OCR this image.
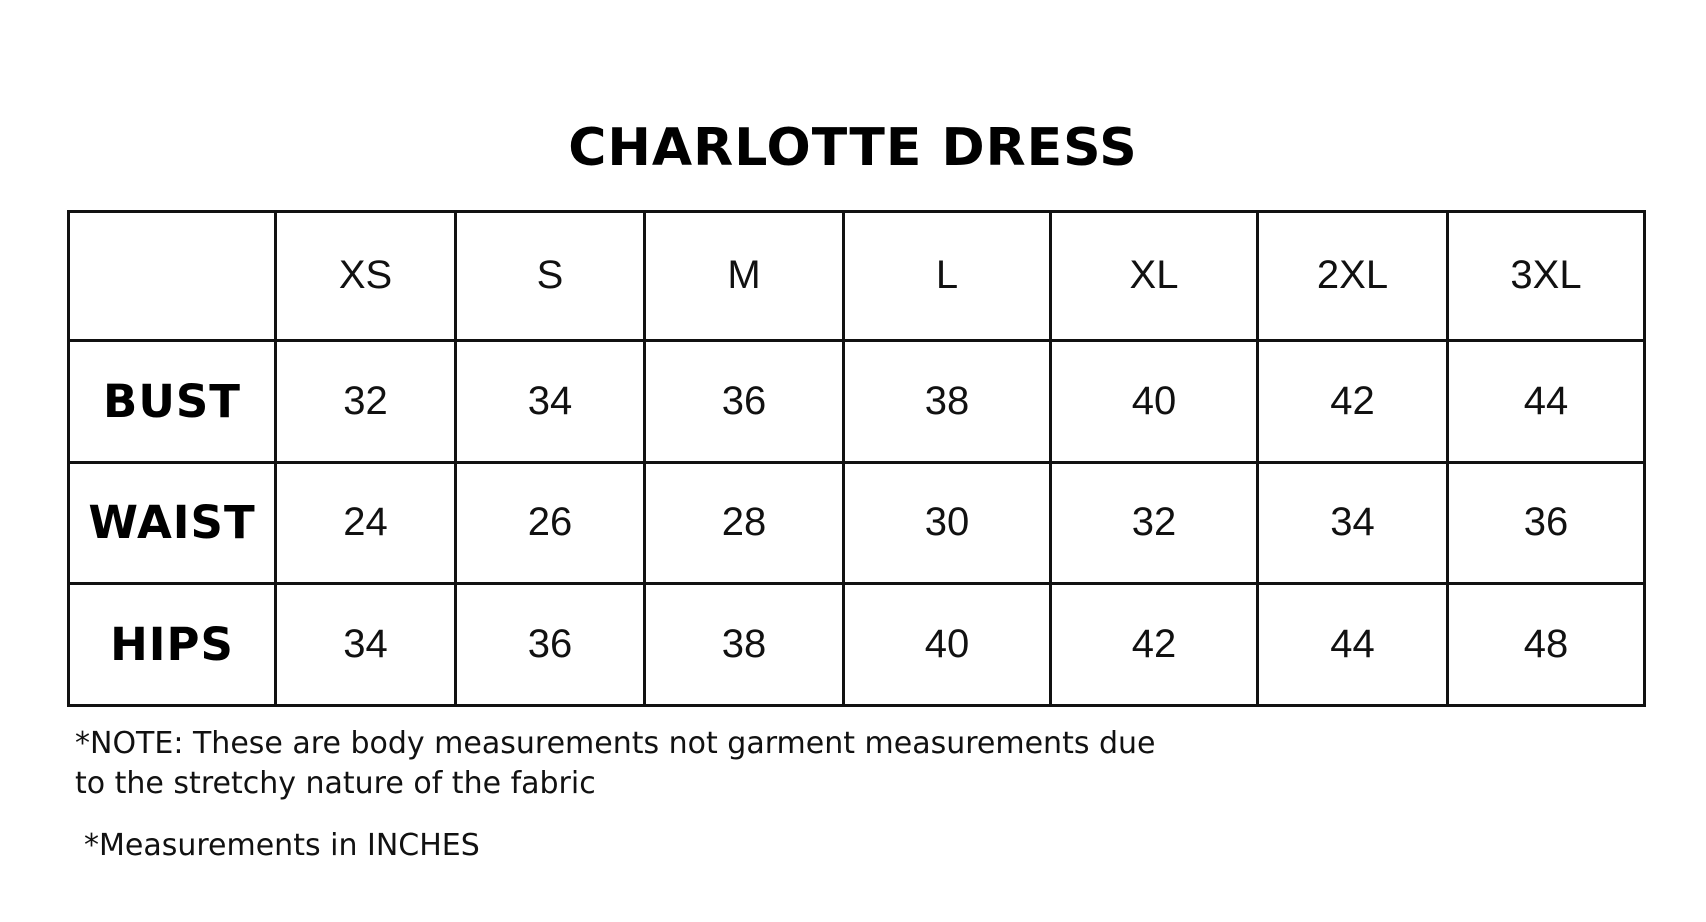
CHARLOTTE DRESS
	XS	S	M	L	XL	2XL	3XL
BUST	32	34	36	38	40	42	44
WAIST	24	26	28	30	32	34	36
HIPS	34	36	38	40	42	44	48
*NOTE: These are body measurements not garment measurements due
to the stretchy nature of the fabric
*Measurements in INCHES
